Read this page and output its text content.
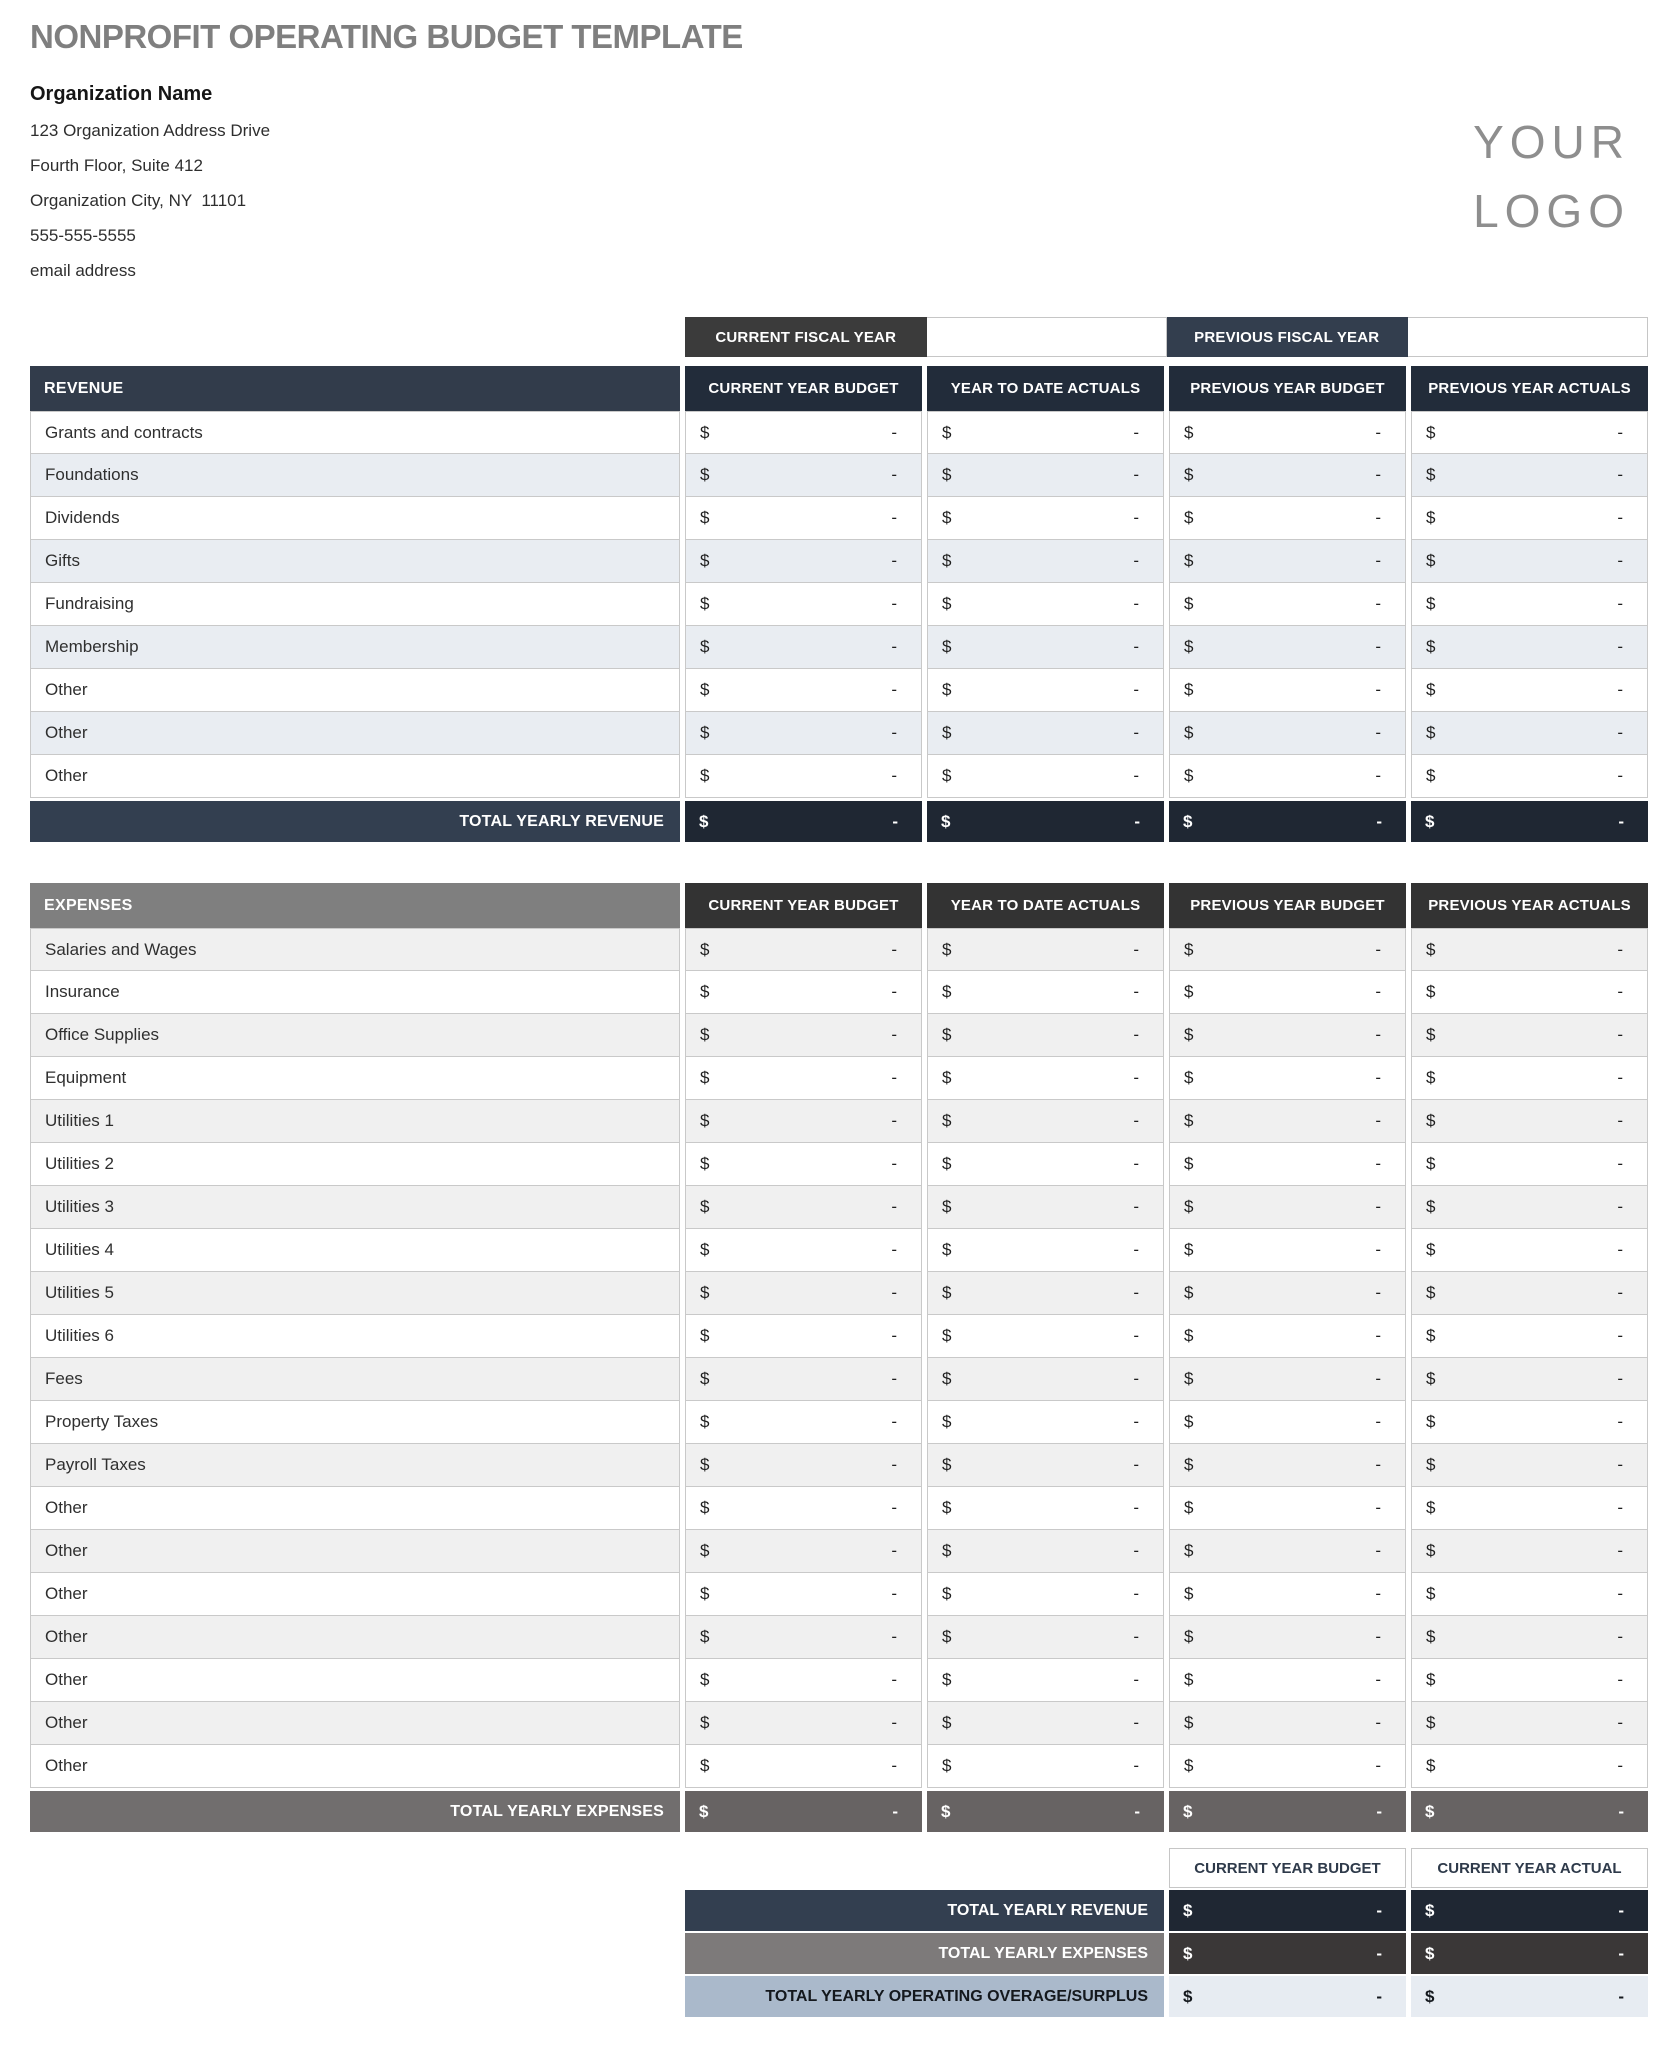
NONPROFIT OPERATING BUDGET TEMPLATE
YOUR
LOGO
Organization Name
123 Organization Address Drive
Fourth Floor, Suite 412
Organization City, NY  11101
555-555-5555
email address
CURRENT FISCAL YEAR	PREVIOUS FISCAL YEAR
REVENUE	CURRENT YEAR BUDGET	YEAR TO DATE ACTUALS	PREVIOUS YEAR BUDGET	PREVIOUS YEAR ACTUALS
Grants and contracts	$	-	$	-	$	-	$	-
Foundations	$	-	$	-	$	-	$	-
Dividends	$	-	$	-	$	-	$	-
Gifts	$	-	$	-	$	-	$	-
Fundraising	$	-	$	-	$	-	$	-
Membership	$	-	$	-	$	-	$	-
Other	$	-	$	-	$	-	$	-
Other	$	-	$	-	$	-	$	-
Other	$	-	$	-	$	-	$	-
TOTAL YEARLY REVENUE	$	-	$	-	$	-	$	-
EXPENSES	CURRENT YEAR BUDGET	YEAR TO DATE ACTUALS	PREVIOUS YEAR BUDGET	PREVIOUS YEAR ACTUALS
Salaries and Wages	$	-	$	-	$	-	$	-
Insurance	$	-	$	-	$	-	$	-
Office Supplies	$	-	$	-	$	-	$	-
Equipment	$	-	$	-	$	-	$	-
Utilities 1	$	-	$	-	$	-	$	-
Utilities 2	$	-	$	-	$	-	$	-
Utilities 3	$	-	$	-	$	-	$	-
Utilities 4	$	-	$	-	$	-	$	-
Utilities 5	$	-	$	-	$	-	$	-
Utilities 6	$	-	$	-	$	-	$	-
Fees	$	-	$	-	$	-	$	-
Property Taxes	$	-	$	-	$	-	$	-
Payroll Taxes	$	-	$	-	$	-	$	-
Other	$	-	$	-	$	-	$	-
Other	$	-	$	-	$	-	$	-
Other	$	-	$	-	$	-	$	-
Other	$	-	$	-	$	-	$	-
Other	$	-	$	-	$	-	$	-
Other	$	-	$	-	$	-	$	-
Other	$	-	$	-	$	-	$	-
TOTAL YEARLY EXPENSES	$	-	$	-	$	-	$	-
CURRENT YEAR BUDGET	CURRENT YEAR ACTUAL
TOTAL YEARLY REVENUE	$	-	$	-
TOTAL YEARLY EXPENSES	$	-	$	-
TOTAL YEARLY OPERATING OVERAGE/SURPLUS	$	-	$	-
